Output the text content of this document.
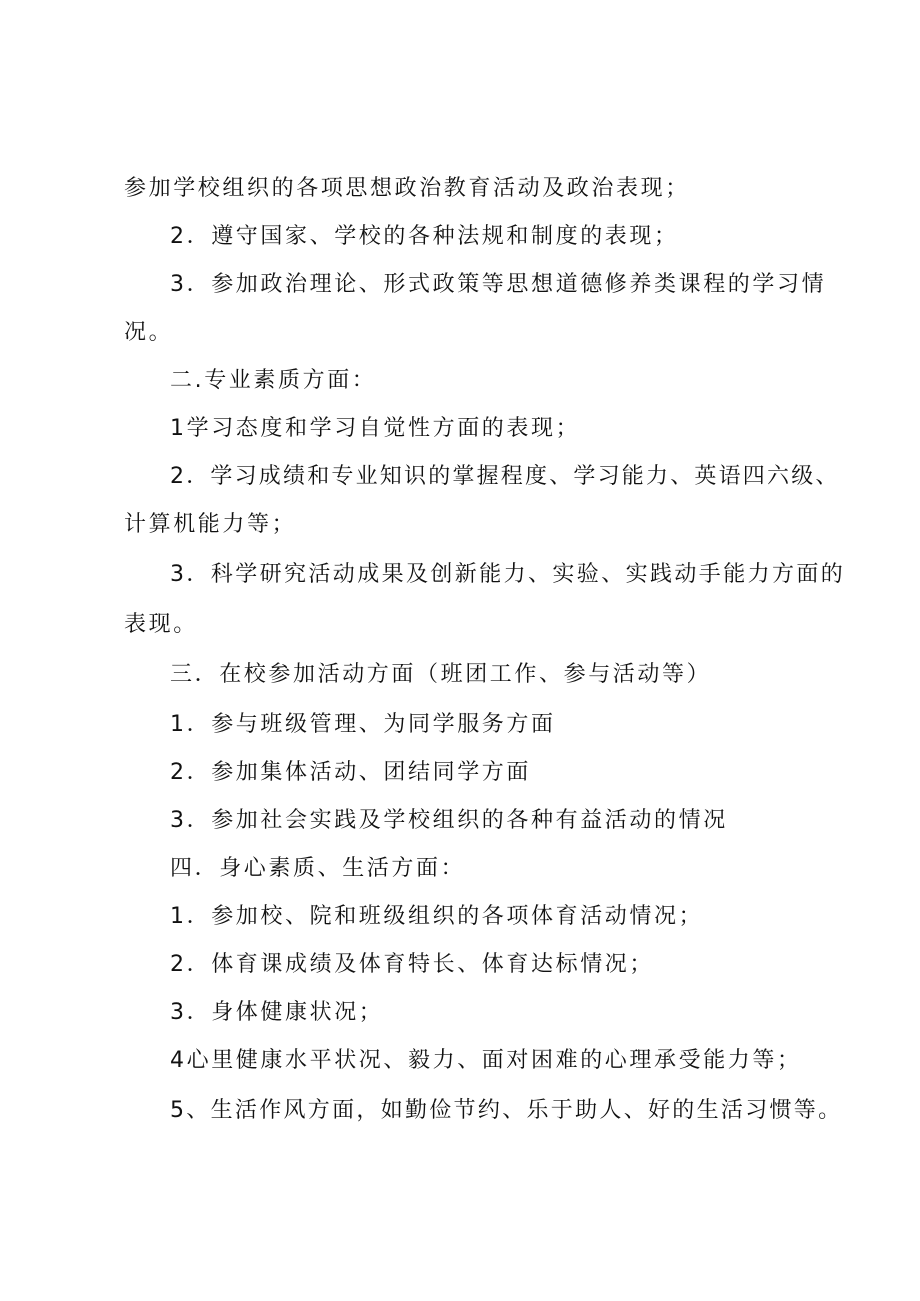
参加学校组织的各项思想政治教育活动及政治表现；
2．遵守国家、学校的各种法规和制度的表现；
3．参加政治理论、形式政策等思想道德修养类课程的学习情
况。
二.专业素质方面：
1学习态度和学习自觉性方面的表现；
2．学习成绩和专业知识的掌握程度、学习能力、英语四六级、
计算机能力等；
3．科学研究活动成果及创新能力、实验、实践动手能力方面的
表现。
三．在校参加活动方面（班团工作、参与活动等）
1．参与班级管理、为同学服务方面
2．参加集体活动、团结同学方面
3．参加社会实践及学校组织的各种有益活动的情况
四．身心素质、生活方面：
1．参加校、院和班级组织的各项体育活动情况；
2．体育课成绩及体育特长、体育达标情况；
3．身体健康状况；
4心里健康水平状况、毅力、面对困难的心理承受能力等；
5、生活作风方面，如勤俭节约、乐于助人、好的生活习惯等。
